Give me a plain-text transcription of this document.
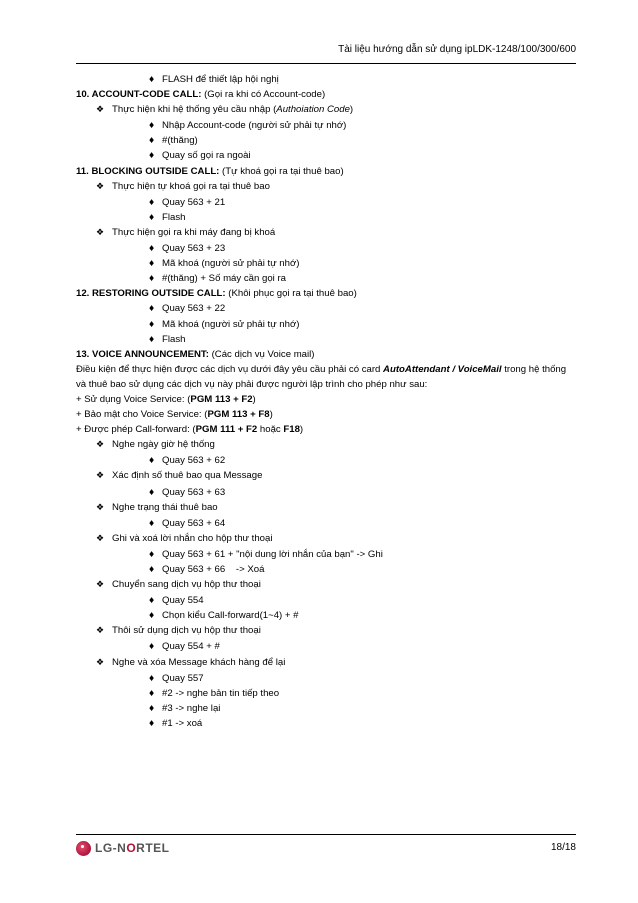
Tài liệu hướng dẫn sử dụng ipLDK-1248/100/300/600
♦ FLASH để thiết lập hội nghị
10. ACCOUNT-CODE CALL: (Gọi ra khi có Account-code)
❖ Thực hiện khi hệ thống yêu cầu nhập (Authoiation Code)
♦ Nhập Account-code (người sử phải tự nhớ)
♦ #(thăng)
♦ Quay số gọi ra ngoài
11. BLOCKING OUTSIDE CALL: (Tự khoá gọi ra tại thuê bao)
❖ Thực hiện tự khoá gọi ra tại thuê bao
♦ Quay 563 + 21
♦ Flash
❖ Thực hiện gọi ra khi máy đang bị khoá
♦ Quay 563 + 23
♦ Mã khoá (người sử phải tự nhớ)
♦ #(thăng) + Số máy cần gọi ra
12. RESTORING OUTSIDE CALL: (Khôi phục gọi ra tại thuê bao)
♦ Quay 563 + 22
♦ Mã khoá (người sử phải tự nhớ)
♦ Flash
13. VOICE ANNOUNCEMENT: (Các dịch vụ Voice mail)
Điều kiện để thực hiện được các dịch vụ dưới đây yêu cầu phải có card AutoAttendant / VoiceMail trong hệ thống và thuê bao sử dụng các dịch vụ này phải được người lập trình cho phép như sau:
+ Sử dụng Voice Service: (PGM 113 + F2)
+ Bảo mật cho Voice Service: (PGM 113 + F8)
+ Được phép Call-forward: (PGM 111 + F2 hoặc F18)
❖ Nghe ngày giờ hệ thống
♦ Quay 563 + 62
❖ Xác định số thuê bao qua Message
♦ Quay 563 + 63
❖ Nghe trạng thái thuê bao
♦ Quay 563 + 64
❖ Ghi và xoá lời nhắn cho hộp thư thoại
♦ Quay 563 + 61 + "nội dung lời nhắn của bạn" -> Ghi
♦ Quay 563 + 66    -> Xoá
❖ Chuyển sang dịch vụ hộp thư thoại
♦ Quay 554
♦ Chọn kiểu Call-forward(1~4) + #
❖ Thôi sử dụng dịch vụ hộp thư thoại
♦ Quay 554 + #
❖ Nghe và xóa Message khách hàng để lại
♦ Quay 557
♦ #2 -> nghe bản tin tiếp theo
♦ #3 -> nghe lại
♦ #1 -> xoá
LG-NORTEL	18/18
